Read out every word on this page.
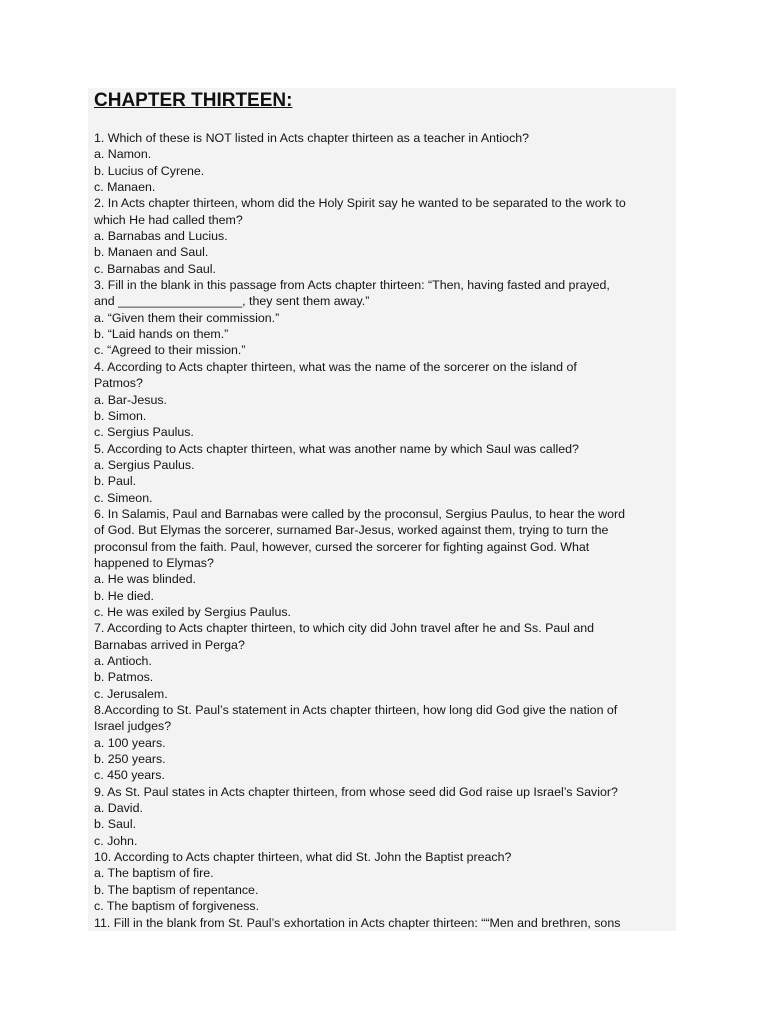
CHAPTER THIRTEEN:
1. Which of these is NOT listed in Acts chapter thirteen as a teacher in Antioch?
a. Namon.
b. Lucius of Cyrene.
c. Manaen.
2. In Acts chapter thirteen, whom did the Holy Spirit say he wanted to be separated to the work to
which He had called them?
a. Barnabas and Lucius.
b. Manaen and Saul.
c. Barnabas and Saul.
3. Fill in the blank in this passage from Acts chapter thirteen: “Then, having fasted and prayed,
and __________________, they sent them away.”
a. “Given them their commission.”
b. “Laid hands on them.”
c. “Agreed to their mission.”
4. According to Acts chapter thirteen, what was the name of the sorcerer on the island of
Patmos?
a. Bar-Jesus.
b. Simon.
c. Sergius Paulus.
5. According to Acts chapter thirteen, what was another name by which Saul was called?
a. Sergius Paulus.
b. Paul.
c. Simeon.
6. In Salamis, Paul and Barnabas were called by the proconsul, Sergius Paulus, to hear the word
of God. But Elymas the sorcerer, surnamed Bar-Jesus, worked against them, trying to turn the
proconsul from the faith. Paul, however, cursed the sorcerer for fighting against God. What
happened to Elymas?
a. He was blinded.
b. He died.
c. He was exiled by Sergius Paulus.
7. According to Acts chapter thirteen, to which city did John travel after he and Ss. Paul and
Barnabas arrived in Perga?
a. Antioch.
b. Patmos.
c. Jerusalem.
8.According to St. Paul’s statement in Acts chapter thirteen, how long did God give the nation of
Israel judges?
a. 100 years.
b. 250 years.
c. 450 years.
9. As St. Paul states in Acts chapter thirteen, from whose seed did God raise up Israel’s Savior?
a. David.
b. Saul.
c. John.
10. According to Acts chapter thirteen, what did St. John the Baptist preach?
a. The baptism of fire.
b. The baptism of repentance.
c. The baptism of forgiveness.
11. Fill in the blank from St. Paul’s exhortation in Acts chapter thirteen: ““Men and brethren, sons
